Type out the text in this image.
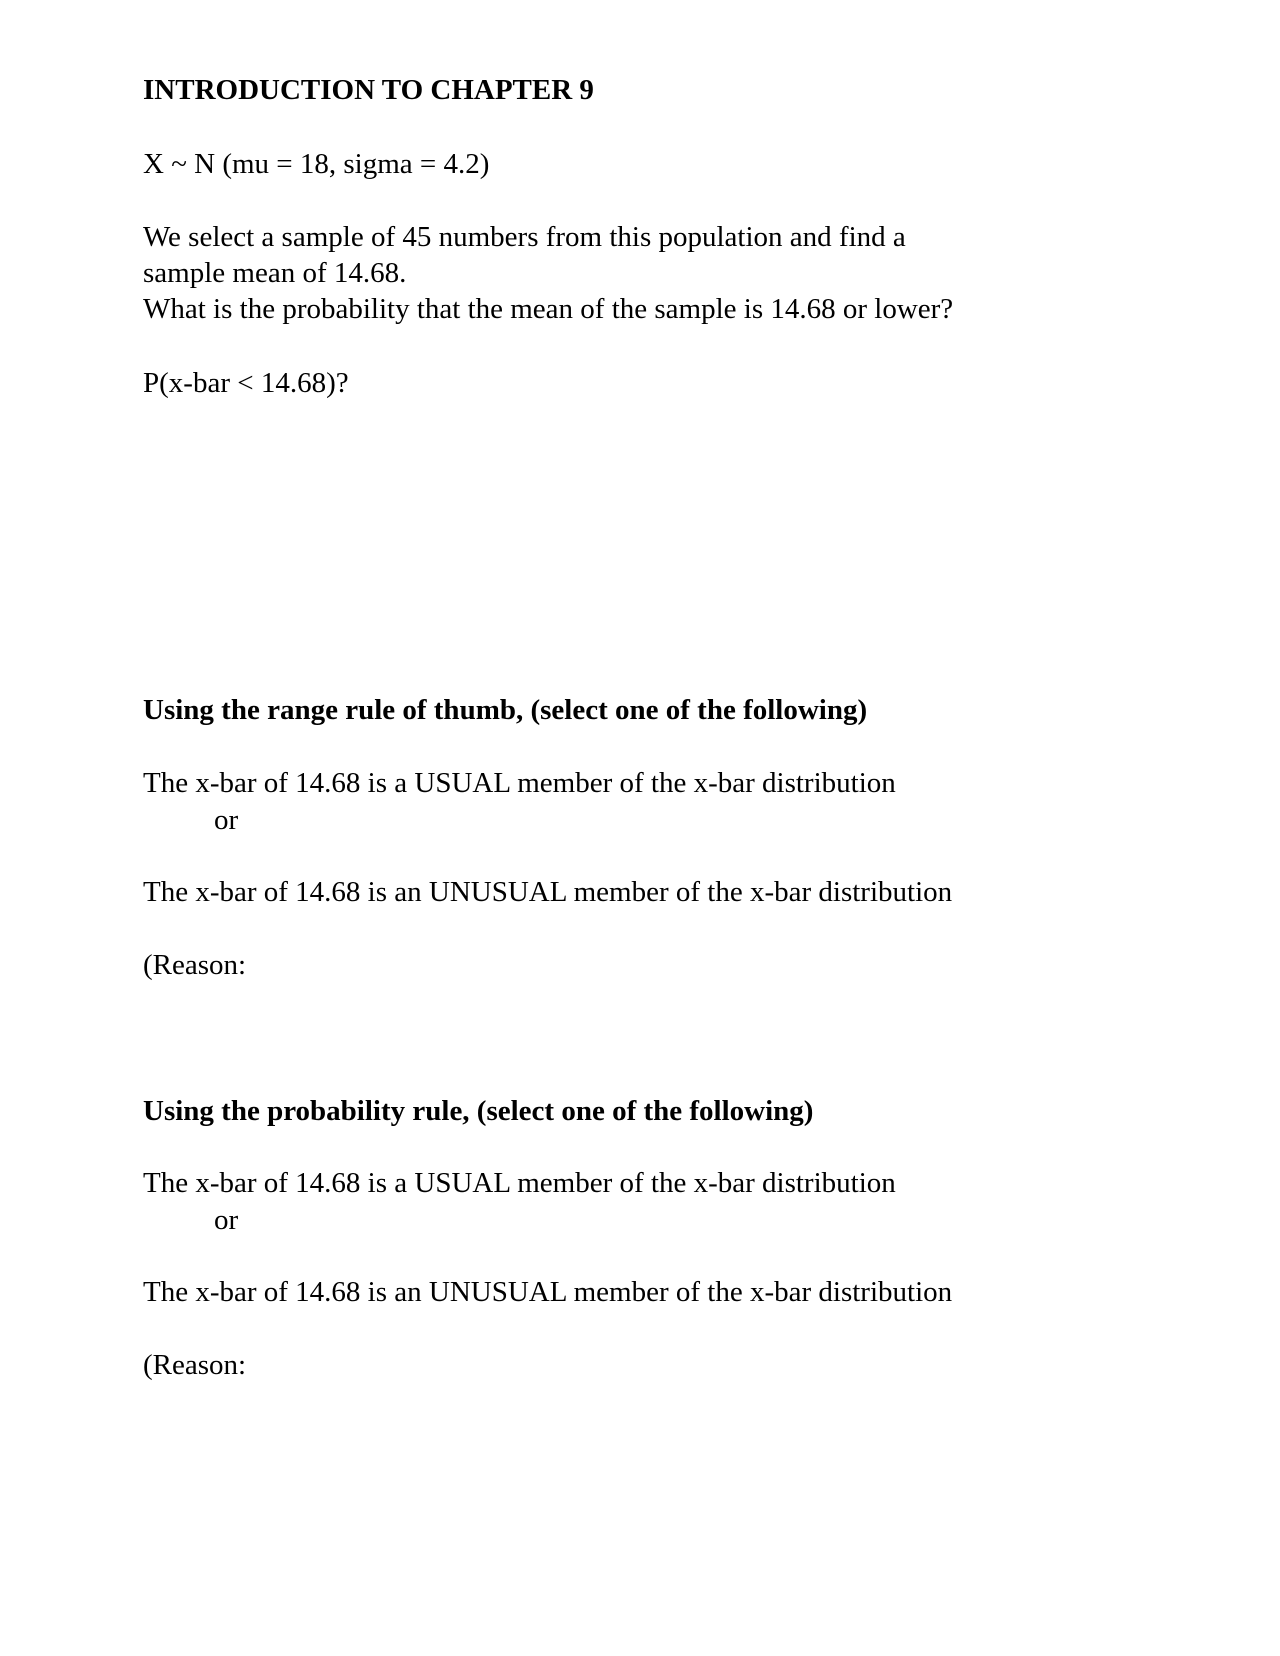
INTRODUCTION TO CHAPTER 9

X ~ N (mu = 18, sigma = 4.2)

We select a sample of 45 numbers from this population and find a

sample mean of 14.68.

What is the probability that the mean of the sample is 14.68 or lower?

P(x-bar < 14.68)?

Using the range rule of thumb, (select one of the following)

The x-bar of 14.68 is a USUAL member of the x-bar distribution

or

The x-bar of 14.68 is an UNUSUAL member of the x-bar distribution

(Reason:

Using the probability rule, (select one of the following)

The x-bar of 14.68 is a USUAL member of the x-bar distribution

or

The x-bar of 14.68 is an UNUSUAL member of the x-bar distribution

(Reason:
